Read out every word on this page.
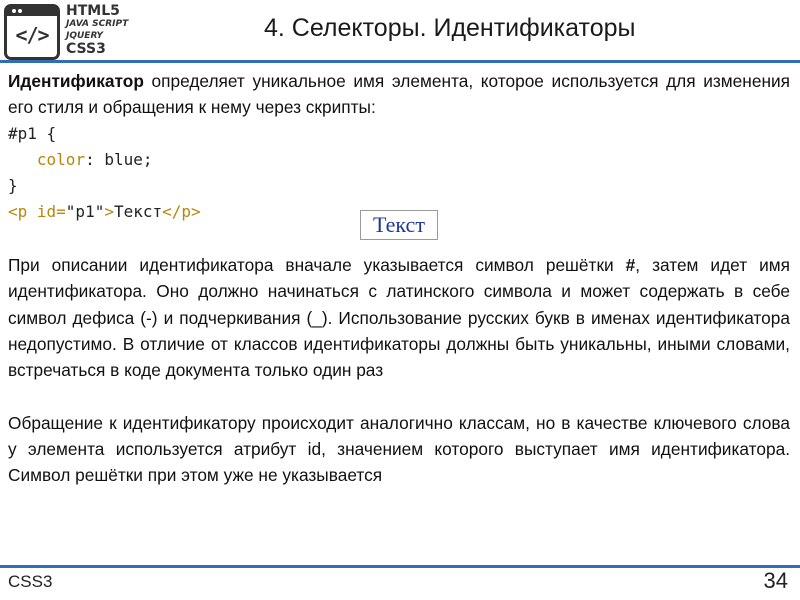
</>
HTML5
JAVA SCRIPT
JQUERY
CSS3
4. Селекторы. Идентификаторы

Идентификатор определяет уникальное имя элемента, которое используется для изменения его стиля и обращения к нему через скрипты:

#p1 {
color: blue;
}
<p id="p1">Текст</p>

При описании идентификатора вначале указывается символ решётки #, затем идет имя идентификатора. Оно должно начинаться с латинского символа и может содержать в себе символ дефиса (-) и подчеркивания (_). Использование русских букв в именах идентификатора недопустимо. В отличие от классов идентификаторы должны быть уникальны, иными словами, встречаться в коде документа только один раз

Обращение к идентификатору происходит аналогично классам, но в качестве ключевого слова у элемента используется атрибут id, значением которого выступает имя идентификатора. Символ решётки при этом уже не указывается

Текст
CSS3	34
